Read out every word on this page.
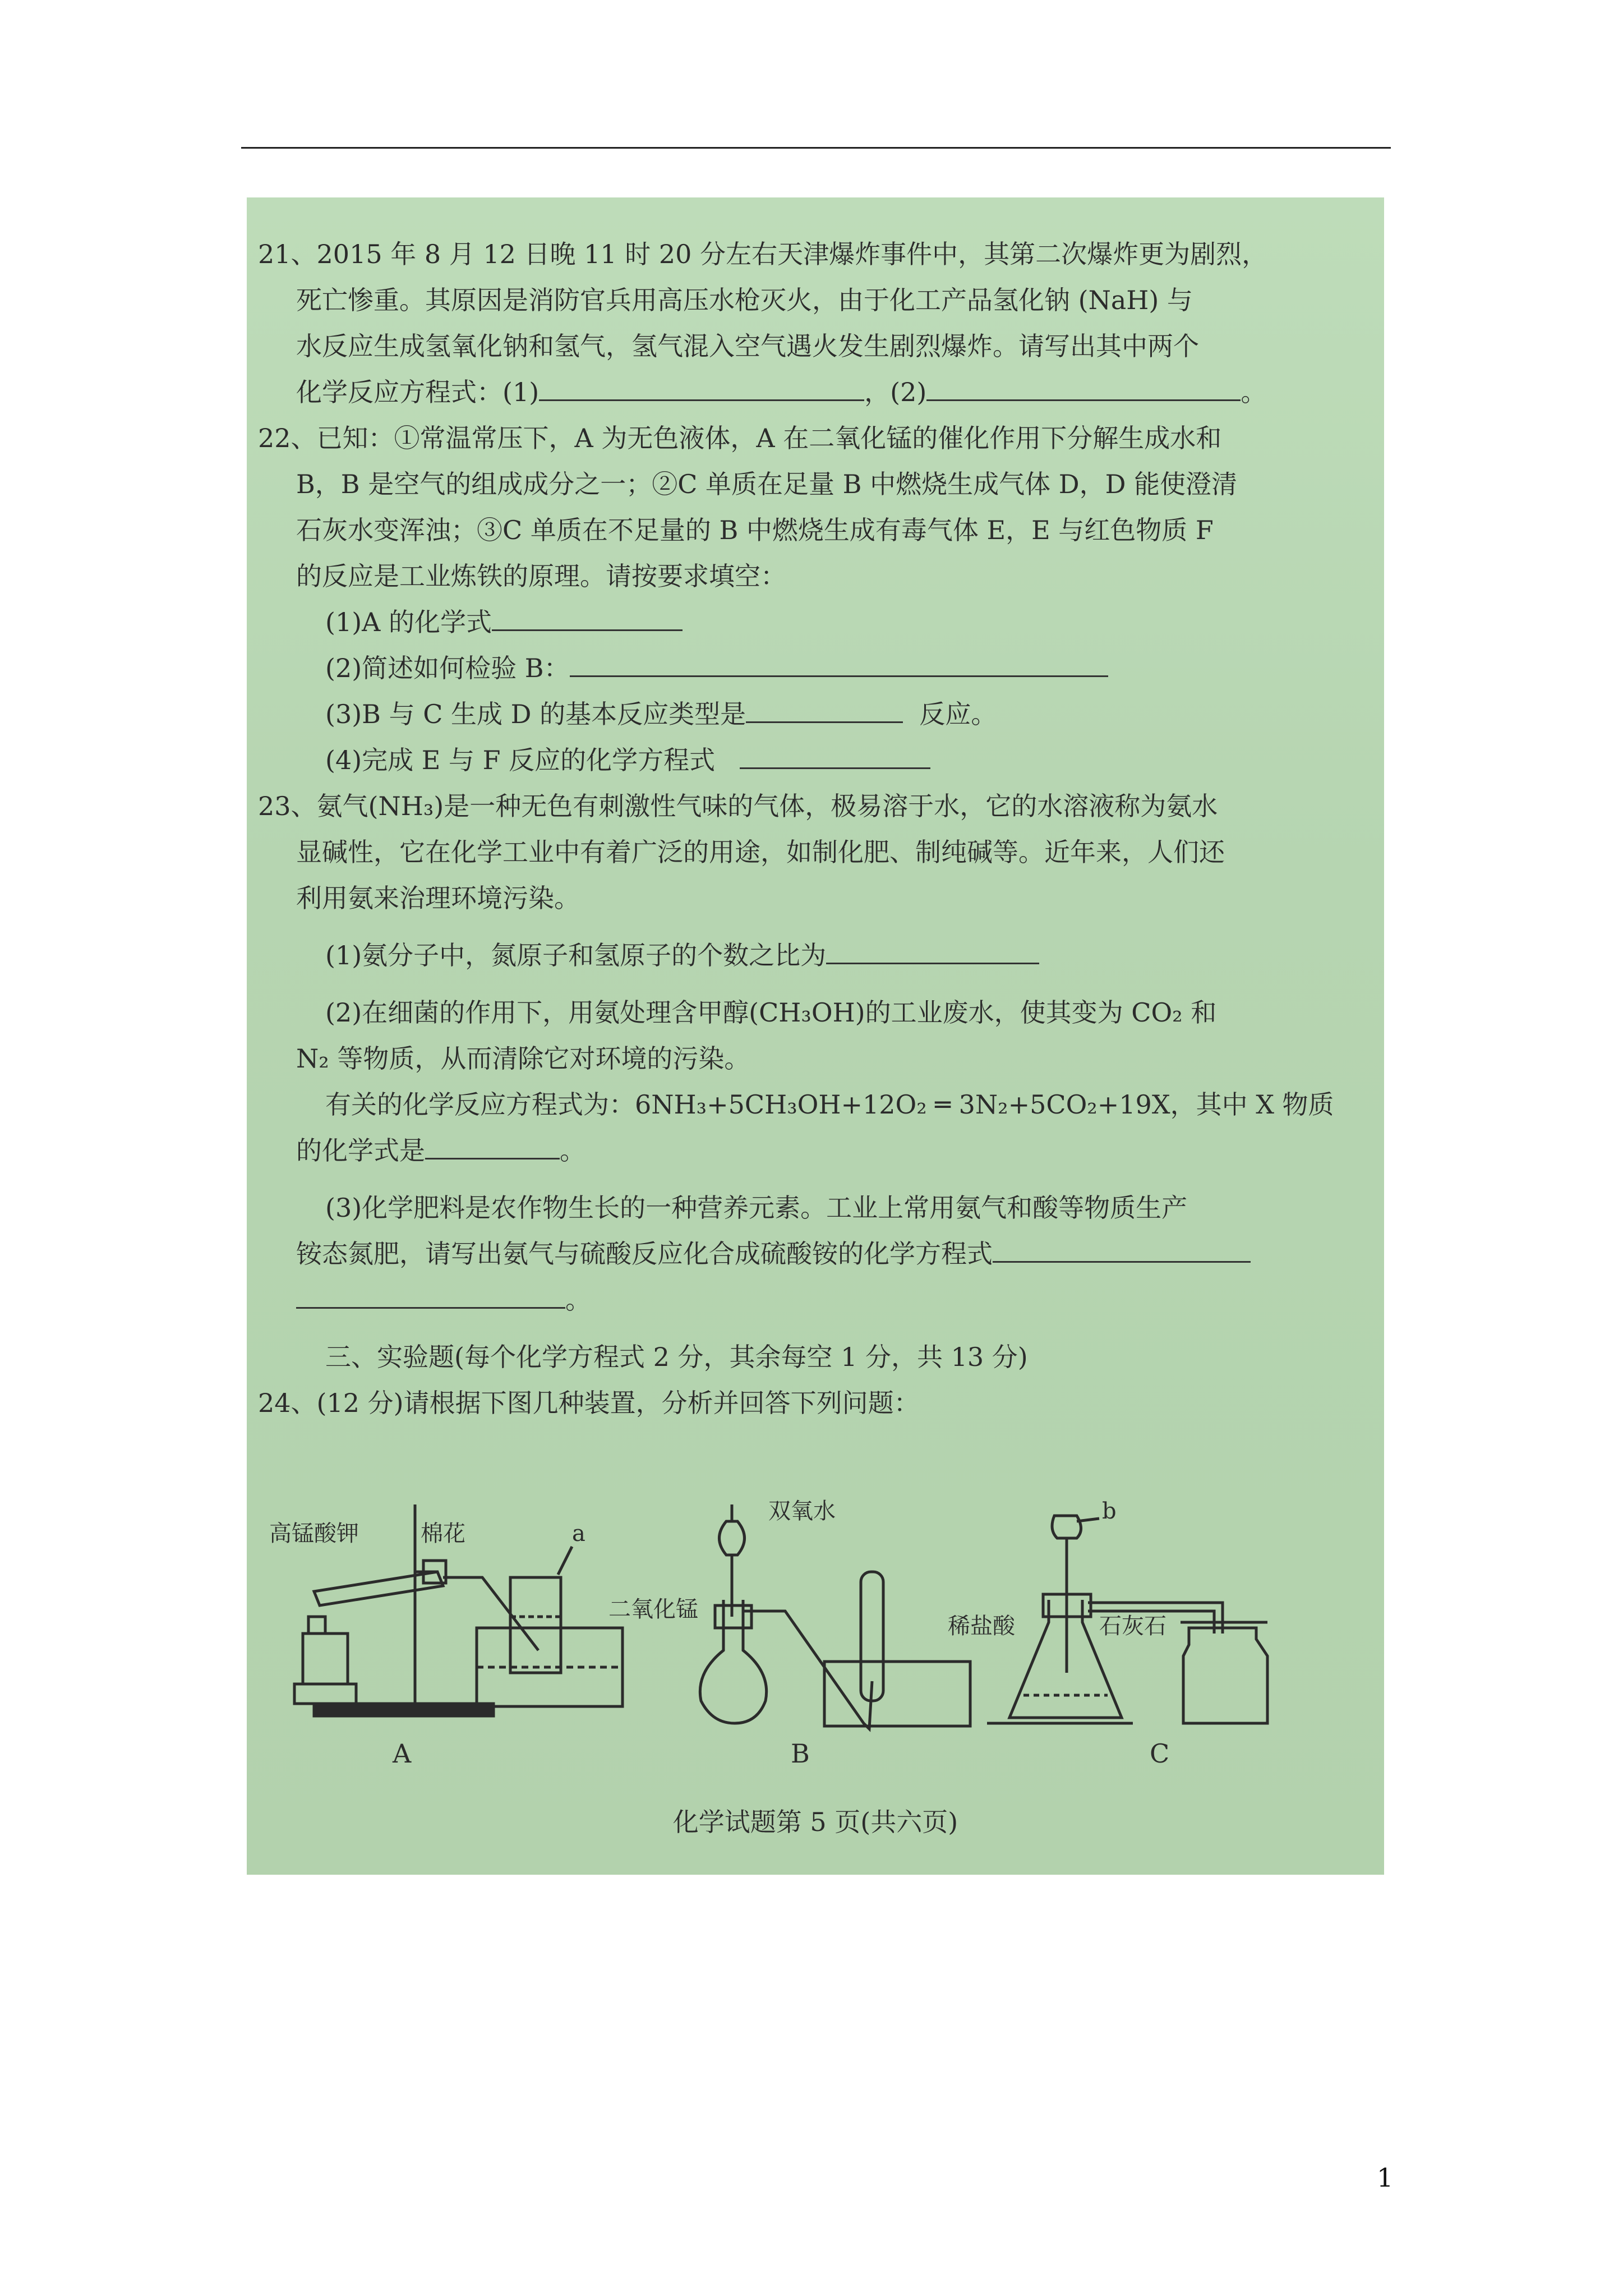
21、2015 年 8 月 12 日晚 11 时 20 分左右天津爆炸事件中，其第二次爆炸更为剧烈，
死亡惨重。其原因是消防官兵用高压水枪灭火，由于化工产品氢化钠 (NaH) 与
水反应生成氢氧化钠和氢气，氢气混入空气遇火发生剧烈爆炸。请写出其中两个
化学反应方程式：(1)	，(2)	。
22、已知：①常温常压下，A 为无色液体，A 在二氧化锰的催化作用下分解生成水和
B，B 是空气的组成成分之一；②C 单质在足量 B 中燃烧生成气体 D，D 能使澄清
石灰水变浑浊；③C 单质在不足量的 B 中燃烧生成有毒气体 E，E 与红色物质 F
的反应是工业炼铁的原理。请按要求填空：
(1)A 的化学式
(2)简述如何检验 B：
(3)B 与 C 生成 D 的基本反应类型是	反应。
(4)完成 E 与 F 反应的化学方程式
23、氨气(NH₃)是一种无色有刺激性气味的气体，极易溶于水，它的水溶液称为氨水
显碱性，它在化学工业中有着广泛的用途，如制化肥、制纯碱等。近年来，人们还
利用氨来治理环境污染。
(1)氨分子中，氮原子和氢原子的个数之比为
(2)在细菌的作用下，用氨处理含甲醇(CH₃OH)的工业废水，使其变为 CO₂ 和
N₂ 等物质，从而清除它对环境的污染。
有关的化学反应方程式为：6NH₃+5CH₃OH+12O₂ ═ 3N₂+5CO₂+19X，其中 X 物质
的化学式是	。
(3)化学肥料是农作物生长的一种营养元素。工业上常用氨气和酸等物质生产
铵态氮肥，请写出氨气与硫酸反应化合成硫酸铵的化学方程式
。
三、实验题(每个化学方程式 2 分，其余每空 1 分，共 13 分)
24、(12 分)请根据下图几种装置，分析并回答下列问题：
高锰酸钾	棉花	a
A
双氧水
二氧化锰
B
b
稀盐酸	石灰石
C
化学试题第 5 页(共六页)
1
